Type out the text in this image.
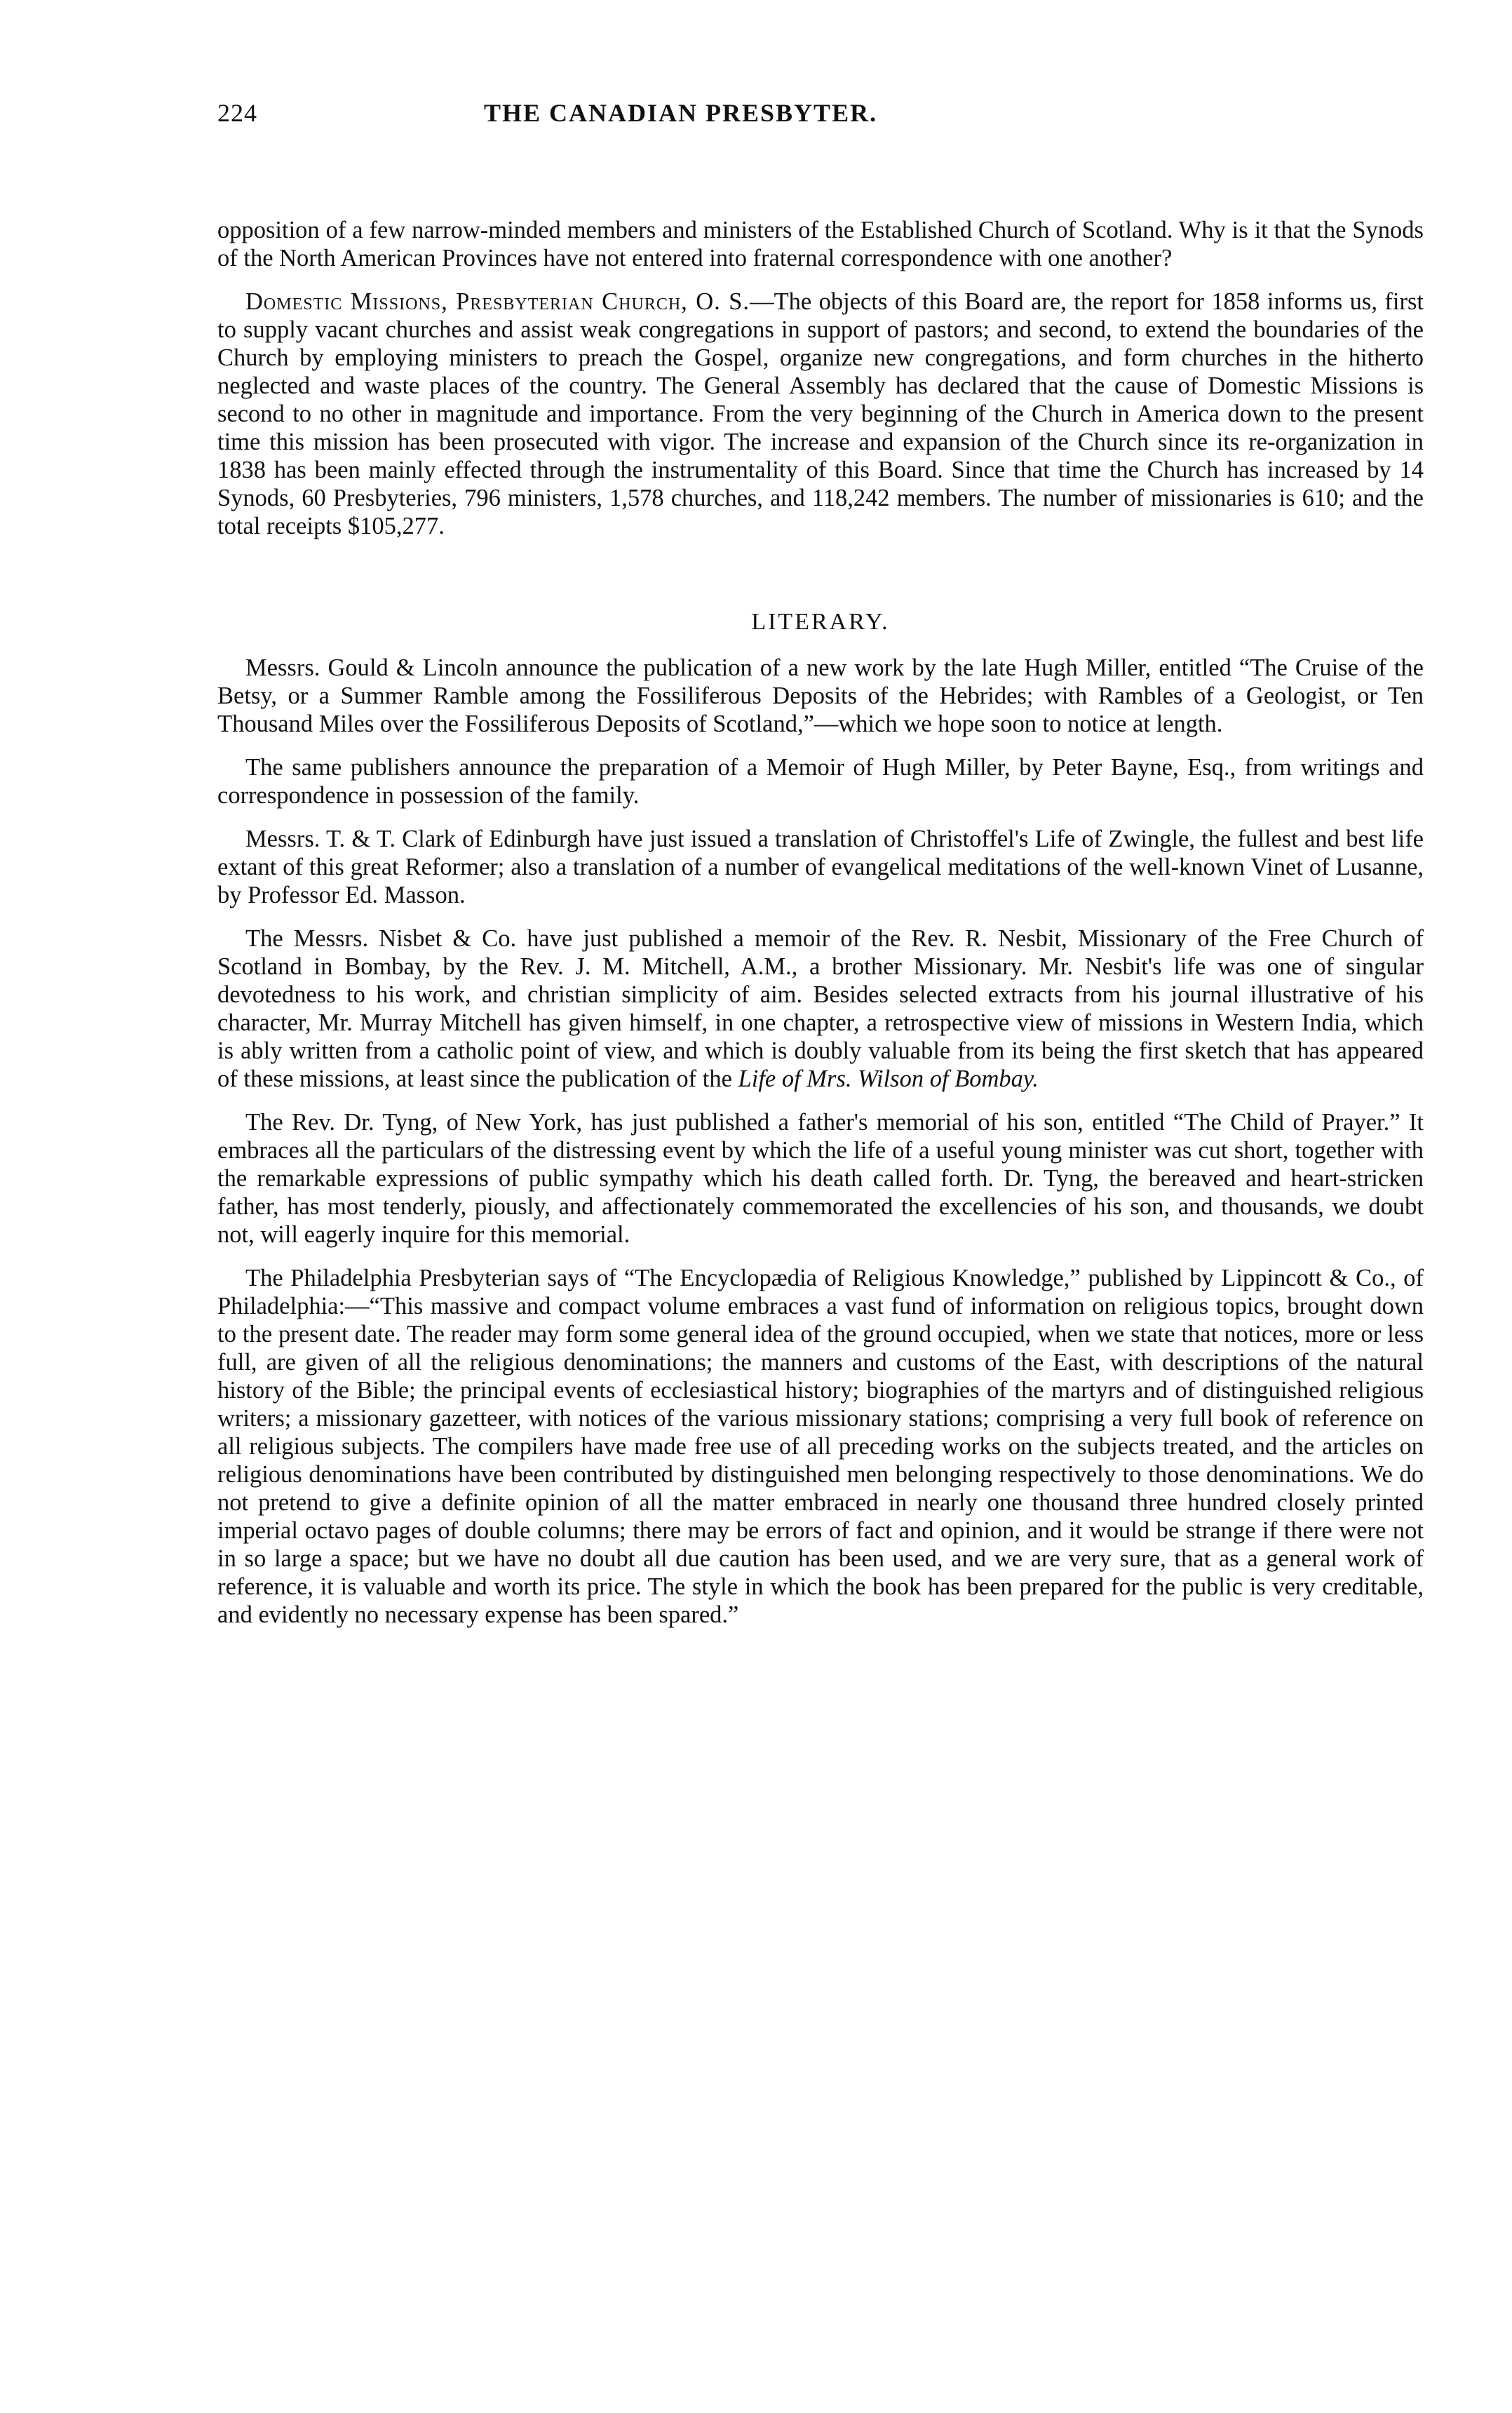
224	THE CANADIAN PRESBYTER.

opposition of a few narrow-minded members and ministers of the Established Church of Scotland. Why is it that the Synods of the North American Provinces have not entered into fraternal correspondence with one another?

Domestic Missions, Presbyterian Church, O. S.—The objects of this Board are, the report for 1858 informs us, first to supply vacant churches and assist weak congregations in support of pastors; and second, to extend the boundaries of the Church by employing ministers to preach the Gospel, organize new congregations, and form churches in the hitherto neglected and waste places of the country. The General Assembly has declared that the cause of Domestic Missions is second to no other in magnitude and importance. From the very beginning of the Church in America down to the present time this mission has been prosecuted with vigor. The increase and expansion of the Church since its re-organization in 1838 has been mainly effected through the instrumentality of this Board. Since that time the Church has increased by 14 Synods, 60 Presbyteries, 796 ministers, 1,578 churches, and 118,242 members. The number of missionaries is 610; and the total receipts $105,277.

LITERARY.

Messrs. Gould & Lincoln announce the publication of a new work by the late Hugh Miller, entitled “The Cruise of the Betsy, or a Summer Ramble among the Fossiliferous Deposits of the Hebrides; with Rambles of a Geologist, or Ten Thousand Miles over the Fossiliferous Deposits of Scotland,”—which we hope soon to notice at length.

The same publishers announce the preparation of a Memoir of Hugh Miller, by Peter Bayne, Esq., from writings and correspondence in possession of the family.

Messrs. T. & T. Clark of Edinburgh have just issued a translation of Christoffel's Life of Zwingle, the fullest and best life extant of this great Reformer; also a translation of a number of evangelical meditations of the well-known Vinet of Lusanne, by Professor Ed. Masson.

The Messrs. Nisbet & Co. have just published a memoir of the Rev. R. Nesbit, Missionary of the Free Church of Scotland in Bombay, by the Rev. J. M. Mitchell, A.M., a brother Missionary. Mr. Nesbit's life was one of singular devotedness to his work, and christian simplicity of aim. Besides selected extracts from his journal illustrative of his character, Mr. Murray Mitchell has given himself, in one chapter, a retrospective view of missions in Western India, which is ably written from a catholic point of view, and which is doubly valuable from its being the first sketch that has appeared of these missions, at least since the publication of the Life of Mrs. Wilson of Bombay.

The Rev. Dr. Tyng, of New York, has just published a father's memorial of his son, entitled “The Child of Prayer.” It embraces all the particulars of the distressing event by which the life of a useful young minister was cut short, together with the remarkable expressions of public sympathy which his death called forth. Dr. Tyng, the bereaved and heart-stricken father, has most tenderly, piously, and affectionately commemorated the excellencies of his son, and thousands, we doubt not, will eagerly inquire for this memorial.

The Philadelphia Presbyterian says of “The Encyclopædia of Religious Knowledge,” published by Lippincott & Co., of Philadelphia:—“This massive and compact volume embraces a vast fund of information on religious topics, brought down to the present date. The reader may form some general idea of the ground occupied, when we state that notices, more or less full, are given of all the religious denominations; the manners and customs of the East, with descriptions of the natural history of the Bible; the principal events of ecclesiastical history; biographies of the martyrs and of distinguished religious writers; a missionary gazetteer, with notices of the various missionary stations; comprising a very full book of reference on all religious subjects. The compilers have made free use of all preceding works on the subjects treated, and the articles on religious denominations have been contributed by distinguished men belonging respectively to those denominations. We do not pretend to give a definite opinion of all the matter embraced in nearly one thousand three hundred closely printed imperial octavo pages of double columns; there may be errors of fact and opinion, and it would be strange if there were not in so large a space; but we have no doubt all due caution has been used, and we are very sure, that as a general work of reference, it is valuable and worth its price. The style in which the book has been prepared for the public is very creditable, and evidently no necessary expense has been spared.”
